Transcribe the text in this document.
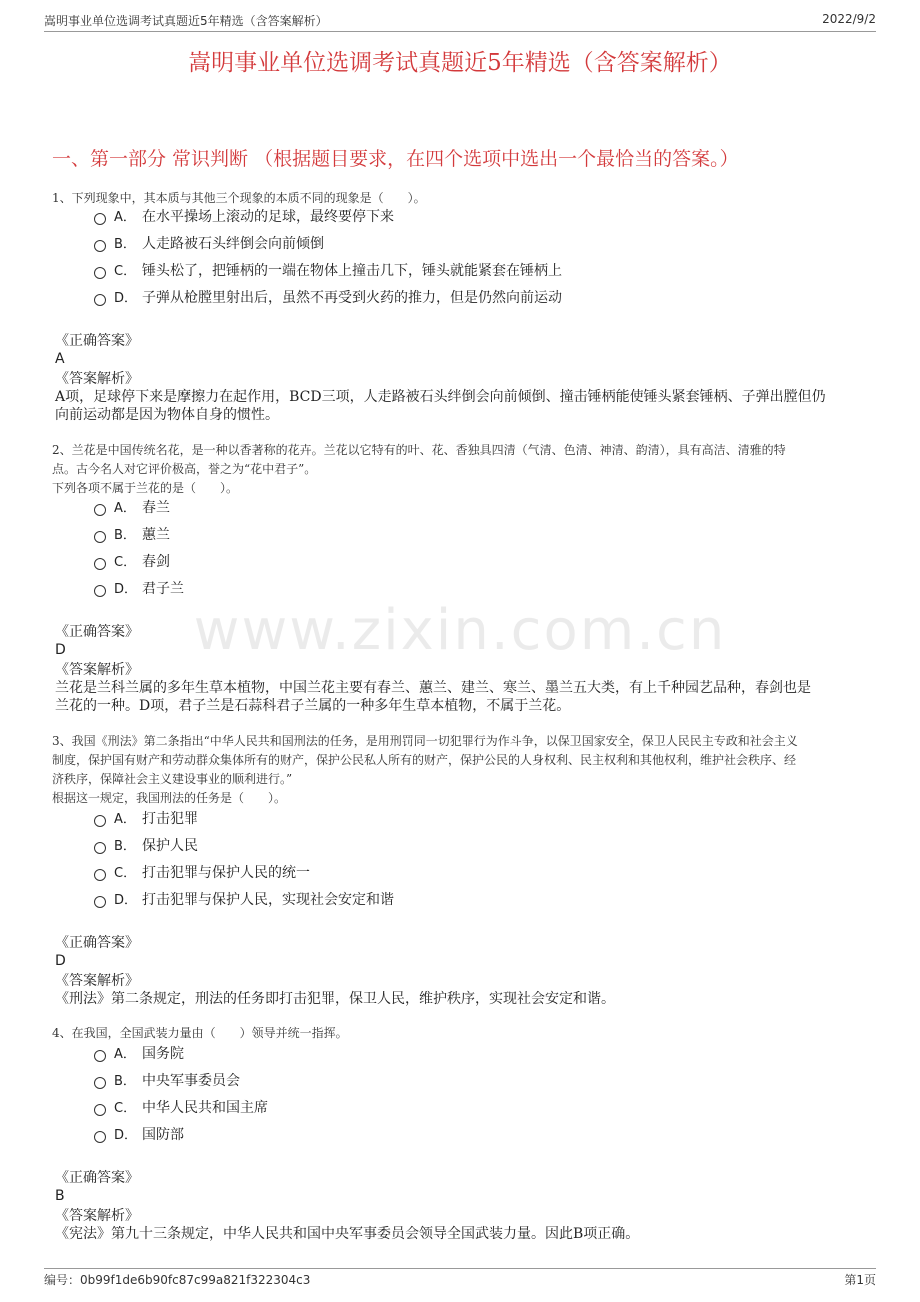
嵩明事业单位选调考试真题近5年精选（含答案解析）	2022/9/2
嵩明事业单位选调考试真题近5年精选（含答案解析）
一、第一部分 常识判断 （根据题目要求，在四个选项中选出一个最恰当的答案。）
www.zixin.com.cn
1、下列现象中，其本质与其他三个现象的本质不同的现象是（　　）。
A． 在水平操场上滚动的足球，最终要停下来
B． 人走路被石头绊倒会向前倾倒
C． 锤头松了，把锤柄的一端在物体上撞击几下，锤头就能紧套在锤柄上
D． 子弹从枪膛里射出后，虽然不再受到火药的推力，但是仍然向前运动
《正确答案》
A
《答案解析》
A项，足球停下来是摩擦力在起作用，BCD三项，人走路被石头绊倒会向前倾倒、撞击锤柄能使锤头紧套锤柄、子弹出膛但仍
向前运动都是因为物体自身的惯性。
2、兰花是中国传统名花，是一种以香著称的花卉。兰花以它特有的叶、花、香独具四清（气清、色清、神清、韵清），具有高洁、清雅的特
点。古今名人对它评价极高，誉之为“花中君子”。
下列各项不属于兰花的是（　　）。
A． 春兰
B． 蕙兰
C． 春剑
D． 君子兰
《正确答案》
D
《答案解析》
兰花是兰科兰属的多年生草本植物，中国兰花主要有春兰、蕙兰、建兰、寒兰、墨兰五大类，有上千种园艺品种，春剑也是
兰花的一种。D项，君子兰是石蒜科君子兰属的一种多年生草本植物，不属于兰花。
3、我国《刑法》第二条指出“中华人民共和国刑法的任务，是用刑罚同一切犯罪行为作斗争，以保卫国家安全，保卫人民民主专政和社会主义
制度，保护国有财产和劳动群众集体所有的财产，保护公民私人所有的财产，保护公民的人身权利、民主权利和其他权利，维护社会秩序、经
济秩序，保障社会主义建设事业的顺利进行。”
根据这一规定，我国刑法的任务是（　　）。
A． 打击犯罪
B． 保护人民
C． 打击犯罪与保护人民的统一
D． 打击犯罪与保护人民，实现社会安定和谐
《正确答案》
D
《答案解析》
《刑法》第二条规定，刑法的任务即打击犯罪，保卫人民，维护秩序，实现社会安定和谐。
4、在我国，全国武装力量由（　　）领导并统一指挥。
A． 国务院
B． 中央军事委员会
C． 中华人民共和国主席
D． 国防部
《正确答案》
B
《答案解析》
《宪法》第九十三条规定，中华人民共和国中央军事委员会领导全国武装力量。因此B项正确。
编号：0b99f1de6b90fc87c99a821f322304c3	第1页
